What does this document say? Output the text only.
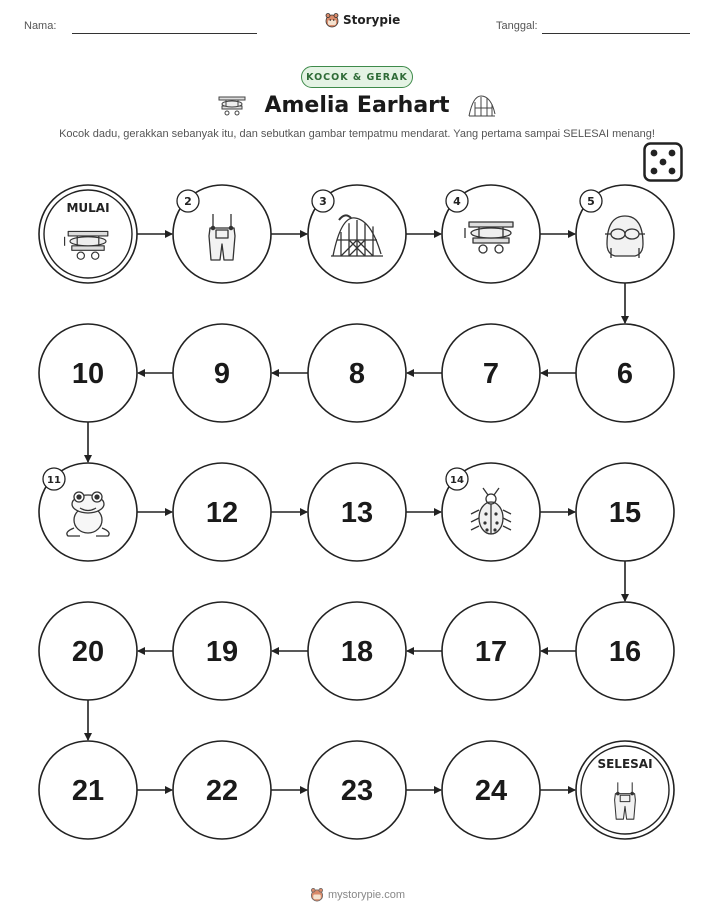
Nama:	Storypie	Tanggal:
KOCOK & GERAK
Amelia Earhart
Kocok dadu, gerakkan sebanyak itu, dan sebutkan gambar tempatmu mendarat. Yang pertama sampai SELESAI menang!
MULAI	2	3	4	5
6
7
8
9
10
11
12	13
14
15
16
17
18
19
20
21	22	23	24
SELESAI
mystorypie.com
